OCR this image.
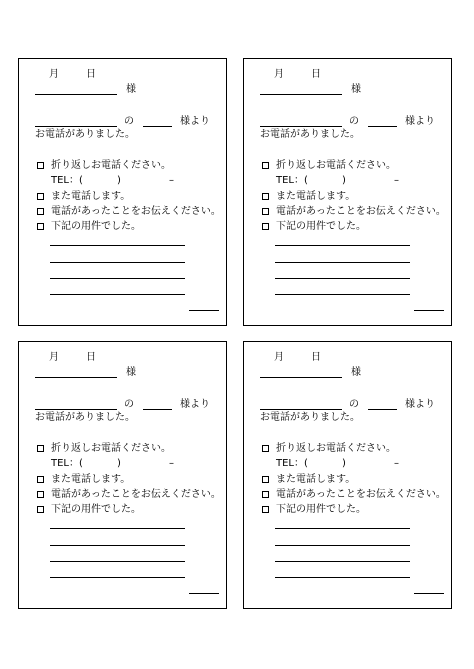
月	日
様
の	様より
お電話がありました。
折り返しお電話ください。
TEL：(	)	–
また電話します。
電話があったことをお伝えください。
下記の用件でした。
月	日
様
の	様より
お電話がありました。
折り返しお電話ください。
TEL：(	)	–
また電話します。
電話があったことをお伝えください。
下記の用件でした。
月	日
様
の	様より
お電話がありました。
折り返しお電話ください。
TEL：(	)	–
また電話します。
電話があったことをお伝えください。
下記の用件でした。
月	日
様
の	様より
お電話がありました。
折り返しお電話ください。
TEL：(	)	–
また電話します。
電話があったことをお伝えください。
下記の用件でした。
